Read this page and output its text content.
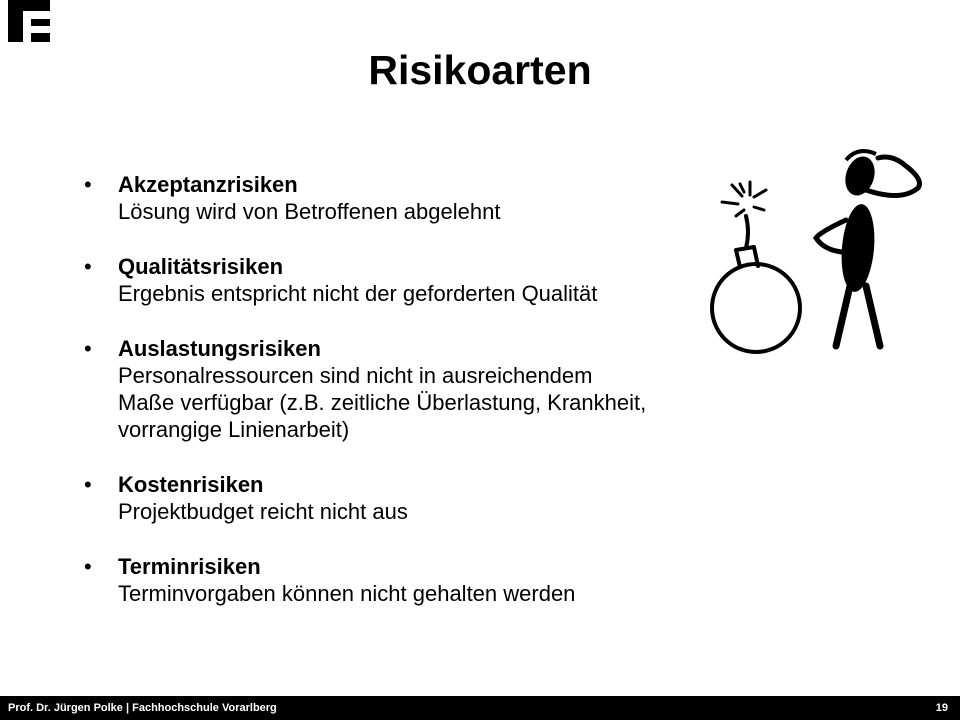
Risikoarten
• Akzeptanzrisiken
Lösung wird von Betroffenen abgelehnt
• Qualitätsrisiken
Ergebnis entspricht nicht der geforderten Qualität
• Auslastungsrisiken
Personalressourcen sind nicht in ausreichendem
Maße verfügbar (z.B. zeitliche Überlastung, Krankheit,
vorrangige Linienarbeit)
• Kostenrisiken
Projektbudget reicht nicht aus
• Terminrisiken
Terminvorgaben können nicht gehalten werden
Prof. Dr. Jürgen Polke | Fachhochschule Vorarlberg	19
